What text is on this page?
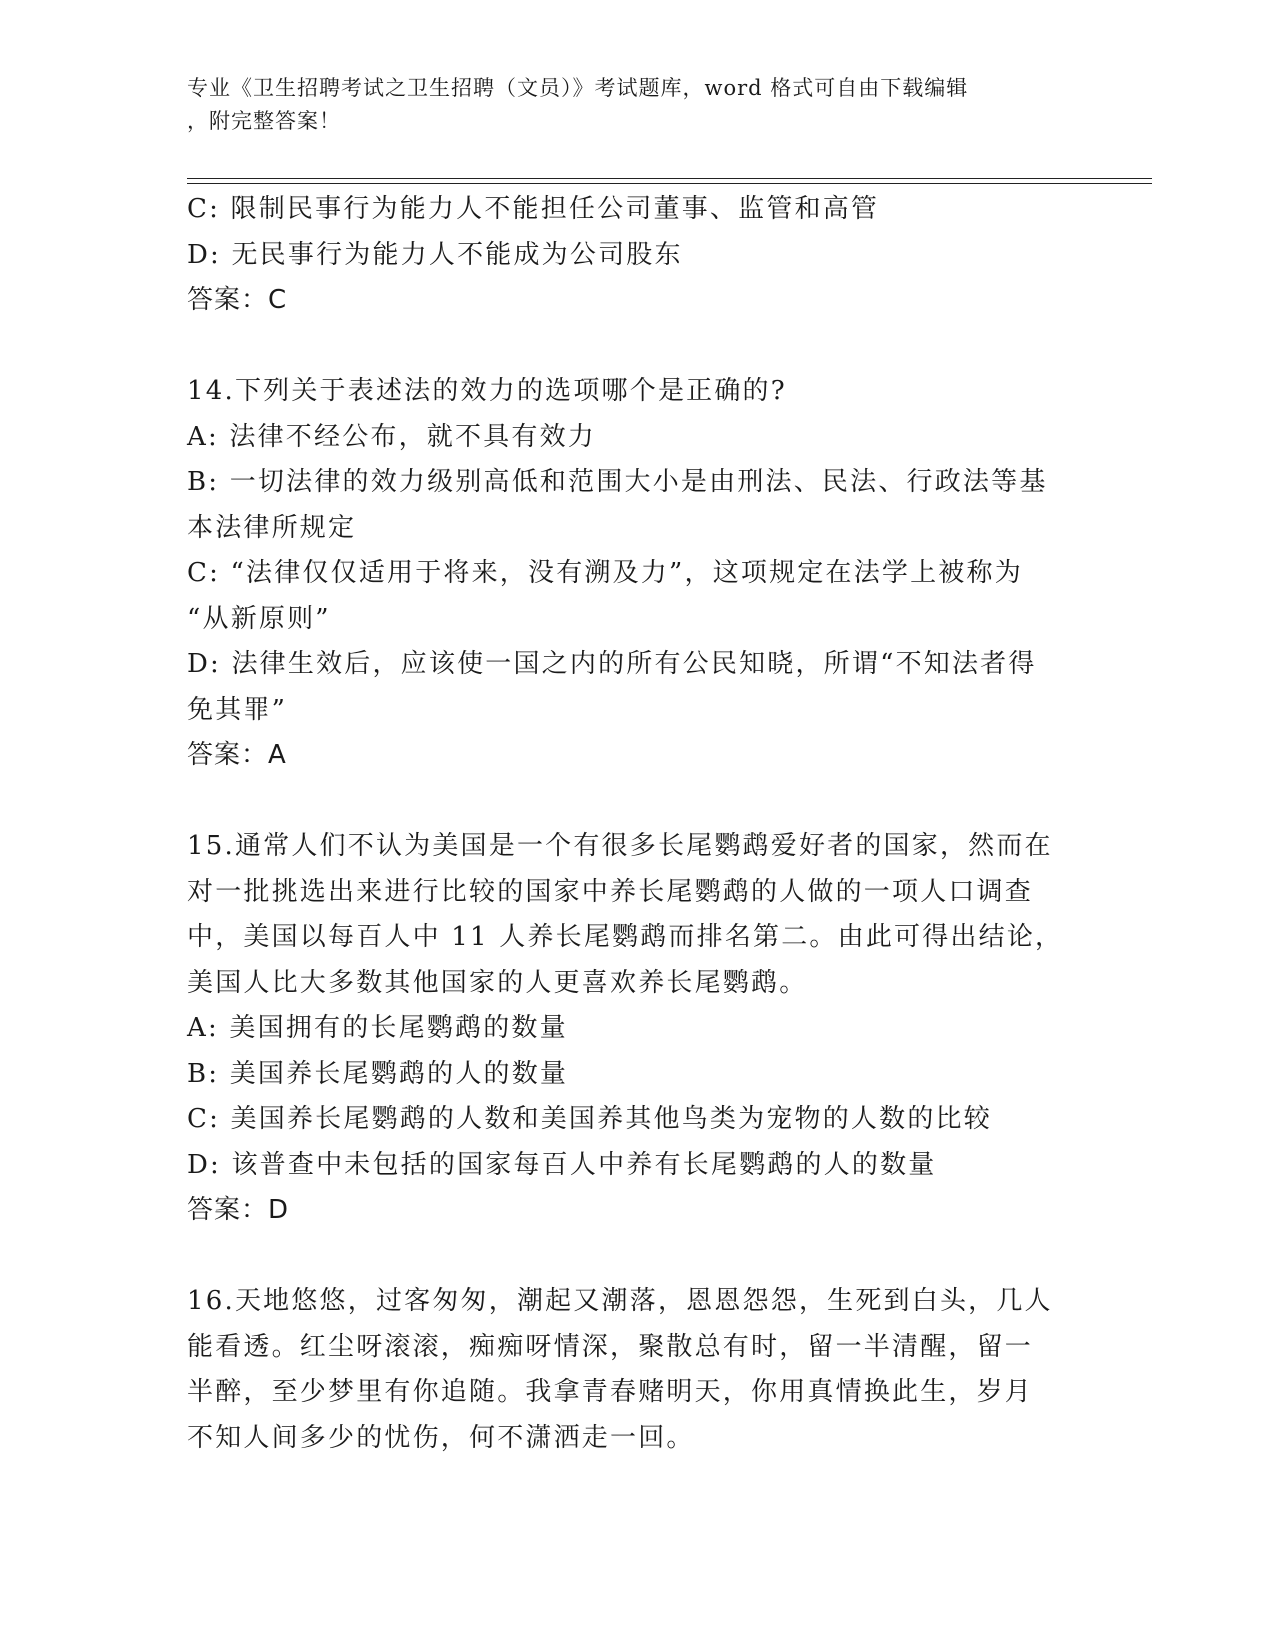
专业《卫生招聘考试之卫生招聘（文员）》考试题库，word 格式可自由下载编辑
，附完整答案！

C: 限制民事行为能力人不能担任公司董事、监管和高管

D: 无民事行为能力人不能成为公司股东

答案：C

14.下列关于表述法的效力的选项哪个是正确的?

A: 法律不经公布，就不具有效力

B: 一切法律的效力级别高低和范围大小是由刑法、民法、行政法等基

本法律所规定

C: “法律仅仅适用于将来，没有溯及力”，这项规定在法学上被称为

“从新原则”

D: 法律生效后，应该使一国之内的所有公民知晓，所谓“不知法者得

免其罪”

答案：A

15.通常人们不认为美国是一个有很多长尾鹦鹉爱好者的国家，然而在

对一批挑选出来进行比较的国家中养长尾鹦鹉的人做的一项人口调查

中，美国以每百人中 11 人养长尾鹦鹉而排名第二。由此可得出结论，

美国人比大多数其他国家的人更喜欢养长尾鹦鹉。

A: 美国拥有的长尾鹦鹉的数量

B: 美国养长尾鹦鹉的人的数量

C: 美国养长尾鹦鹉的人数和美国养其他鸟类为宠物的人数的比较

D: 该普查中未包括的国家每百人中养有长尾鹦鹉的人的数量

答案：D

16.天地悠悠，过客匆匆，潮起又潮落，恩恩怨怨，生死到白头，几人

能看透。红尘呀滚滚，痴痴呀情深，聚散总有时，留一半清醒，留一

半醉，至少梦里有你追随。我拿青春赌明天，你用真情换此生，岁月

不知人间多少的忧伤，何不潇洒走一回。
